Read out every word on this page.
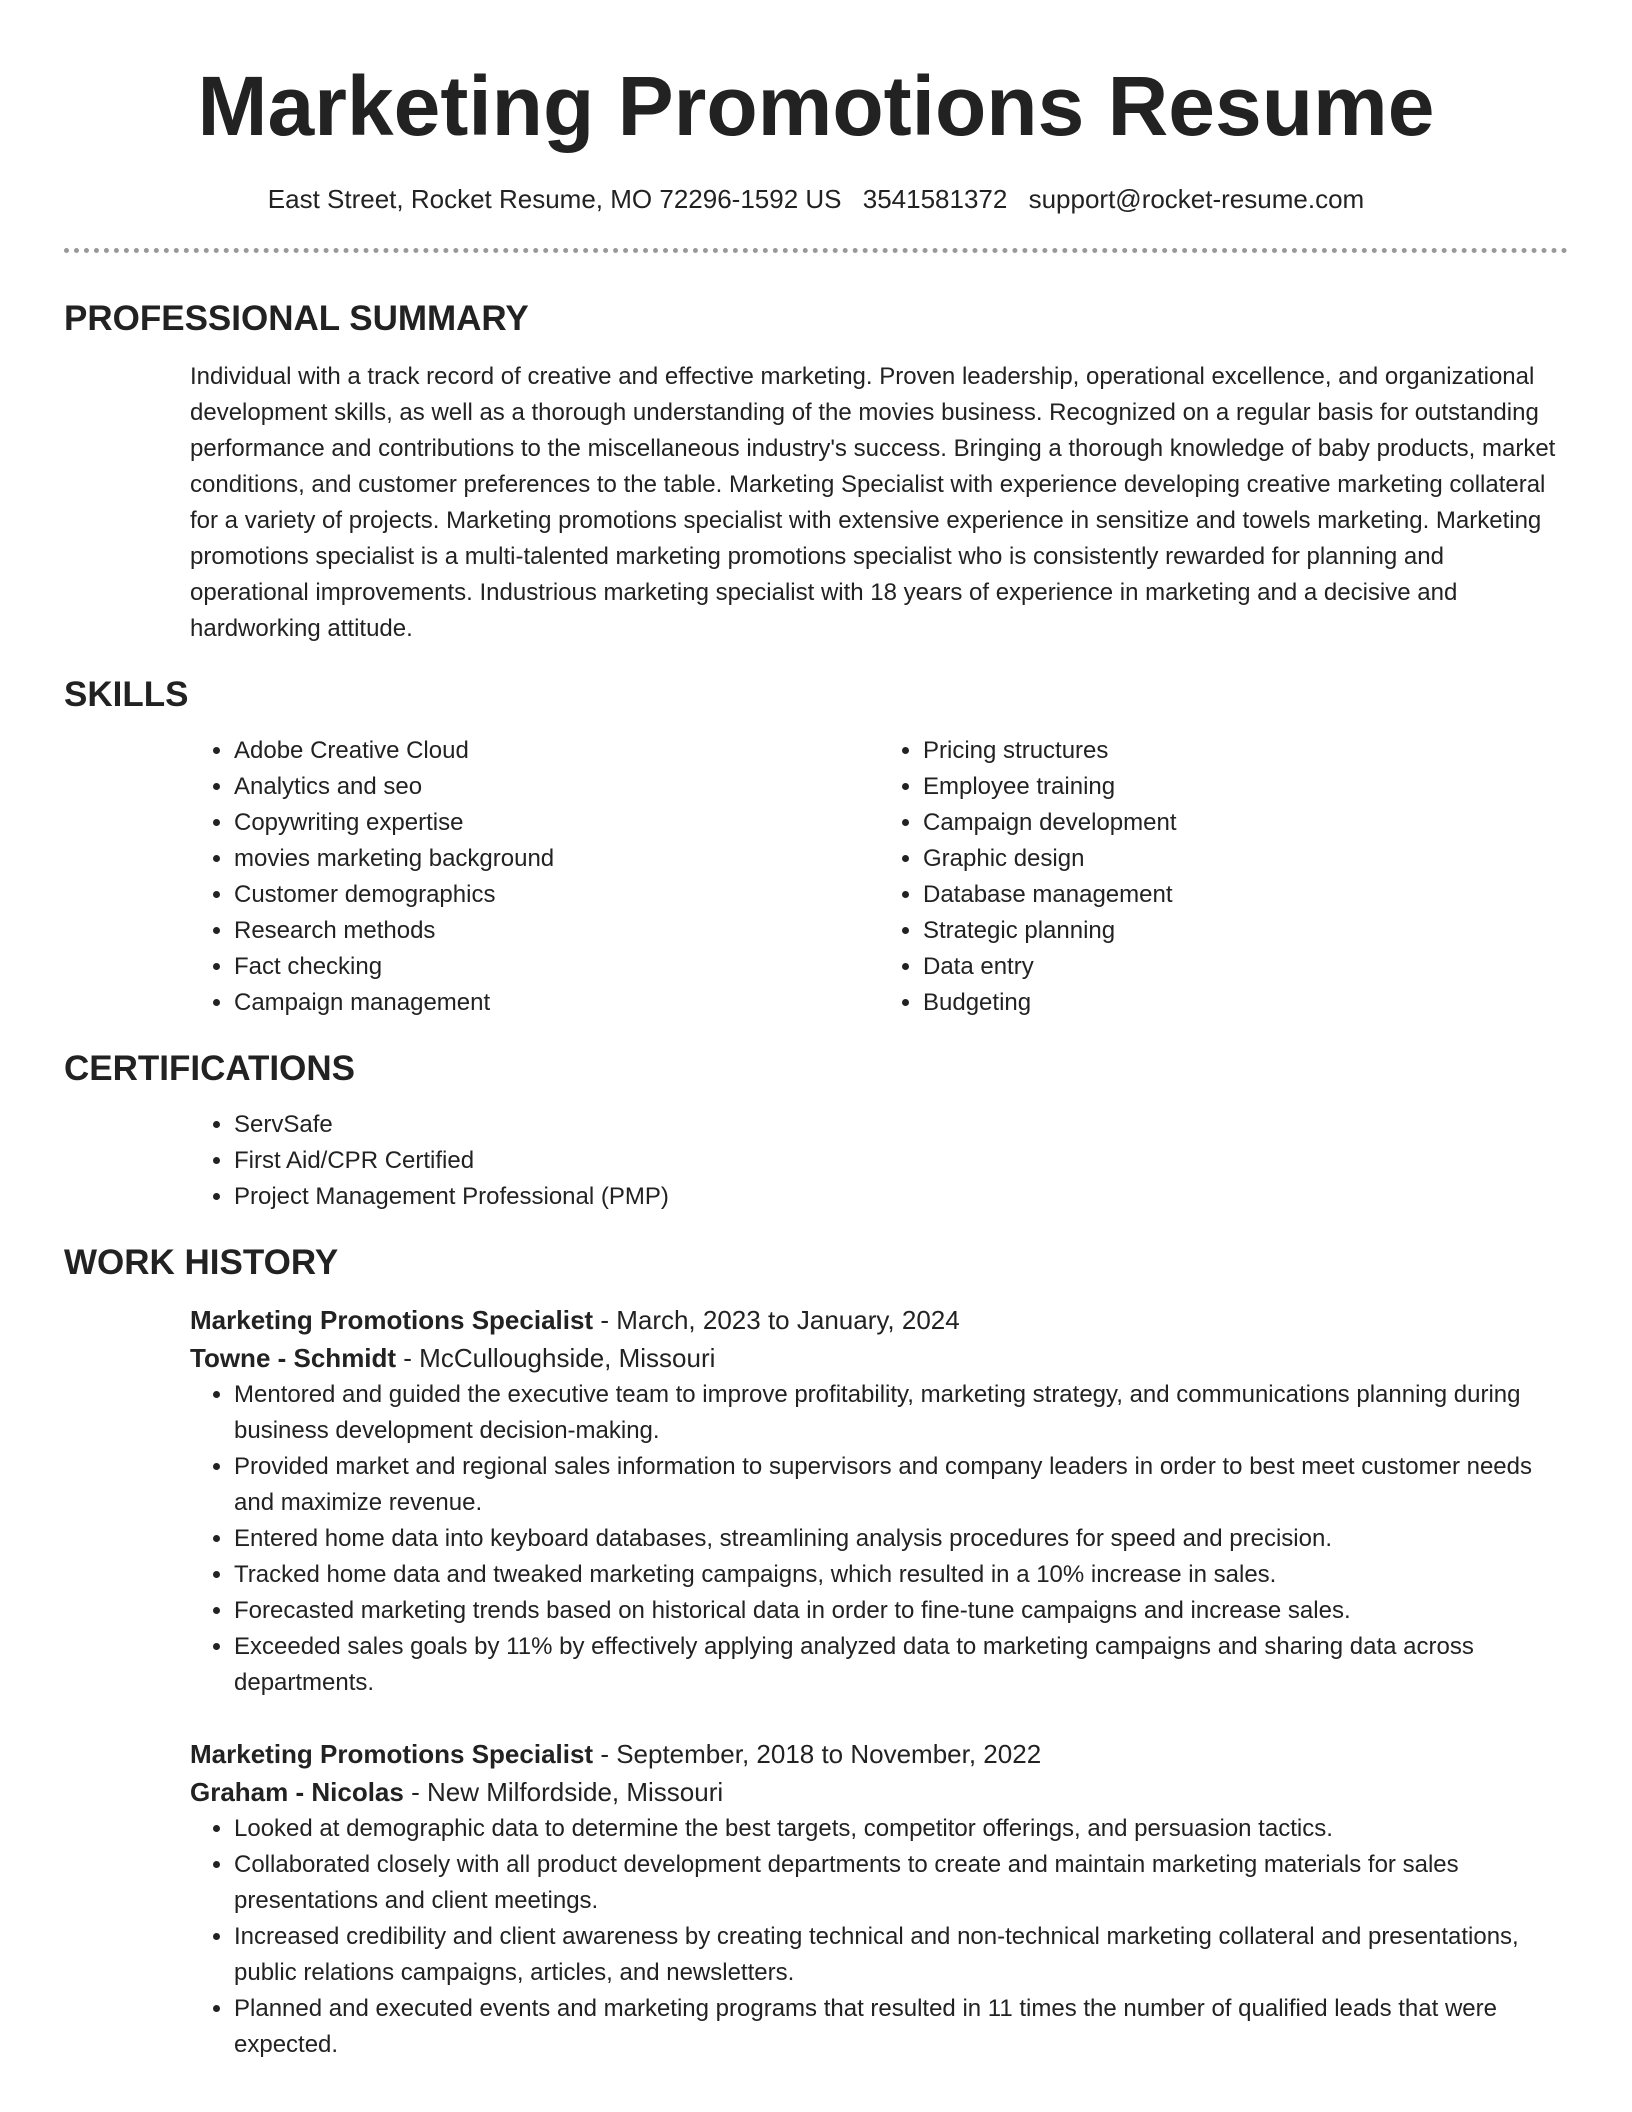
Marketing Promotions Resume
East Street, Rocket Resume, MO 72296-1592 US 3541581372 support@rocket-resume.com
PROFESSIONAL SUMMARY
Individual with a track record of creative and effective marketing. Proven leadership, operational excellence, and organizational development skills, as well as a thorough understanding of the movies business. Recognized on a regular basis for outstanding performance and contributions to the miscellaneous industry's success. Bringing a thorough knowledge of baby products, market conditions, and customer preferences to the table. Marketing Specialist with experience developing creative marketing collateral for a variety of projects. Marketing promotions specialist with extensive experience in sensitize and towels marketing. Marketing promotions specialist is a multi-talented marketing promotions specialist who is consistently rewarded for planning and operational improvements. Industrious marketing specialist with 18 years of experience in marketing and a decisive and hardworking attitude.
SKILLS
• Adobe Creative Cloud
• Analytics and seo
• Copywriting expertise
• movies marketing background
• Customer demographics
• Research methods
• Fact checking
• Campaign management
• Pricing structures
• Employee training
• Campaign development
• Graphic design
• Database management
• Strategic planning
• Data entry
• Budgeting
CERTIFICATIONS
• ServSafe
• First Aid/CPR Certified
• Project Management Professional (PMP)
WORK HISTORY
Marketing Promotions Specialist - March, 2023 to January, 2024
Towne - Schmidt - McCulloughside, Missouri
• Mentored and guided the executive team to improve profitability, marketing strategy, and communications planning during business development decision-making.
• Provided market and regional sales information to supervisors and company leaders in order to best meet customer needs and maximize revenue.
• Entered home data into keyboard databases, streamlining analysis procedures for speed and precision.
• Tracked home data and tweaked marketing campaigns, which resulted in a 10% increase in sales.
• Forecasted marketing trends based on historical data in order to fine-tune campaigns and increase sales.
• Exceeded sales goals by 11% by effectively applying analyzed data to marketing campaigns and sharing data across departments.
Marketing Promotions Specialist - September, 2018 to November, 2022
Graham - Nicolas - New Milfordside, Missouri
• Looked at demographic data to determine the best targets, competitor offerings, and persuasion tactics.
• Collaborated closely with all product development departments to create and maintain marketing materials for sales presentations and client meetings.
• Increased credibility and client awareness by creating technical and non-technical marketing collateral and presentations, public relations campaigns, articles, and newsletters.
• Planned and executed events and marketing programs that resulted in 11 times the number of qualified leads that were expected.
